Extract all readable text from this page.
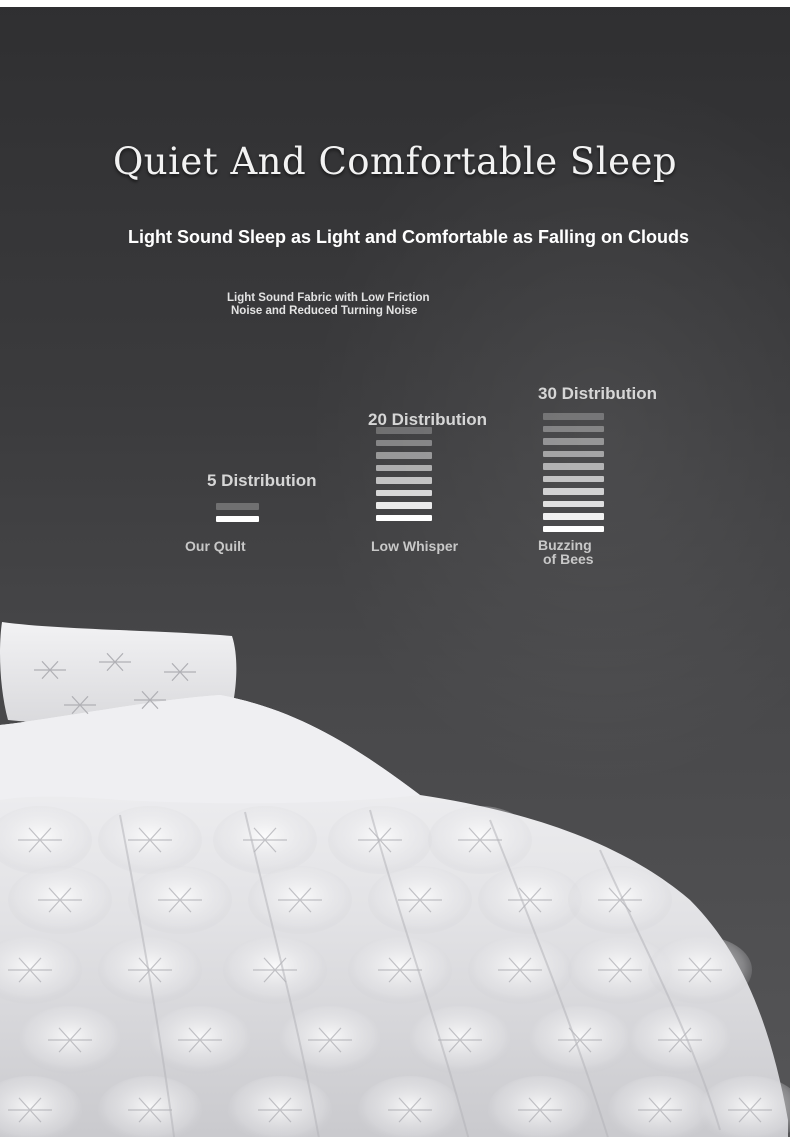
Quiet And Comfortable Sleep

Light Sound Sleep as Light and Comfortable as Falling on Clouds

Light Sound Fabric with Low Friction
Noise and Reduced Turning Noise

5 Distribution

Our Quilt

20 Distribution

Low Whisper

30 Distribution

Buzzing
of Bees
